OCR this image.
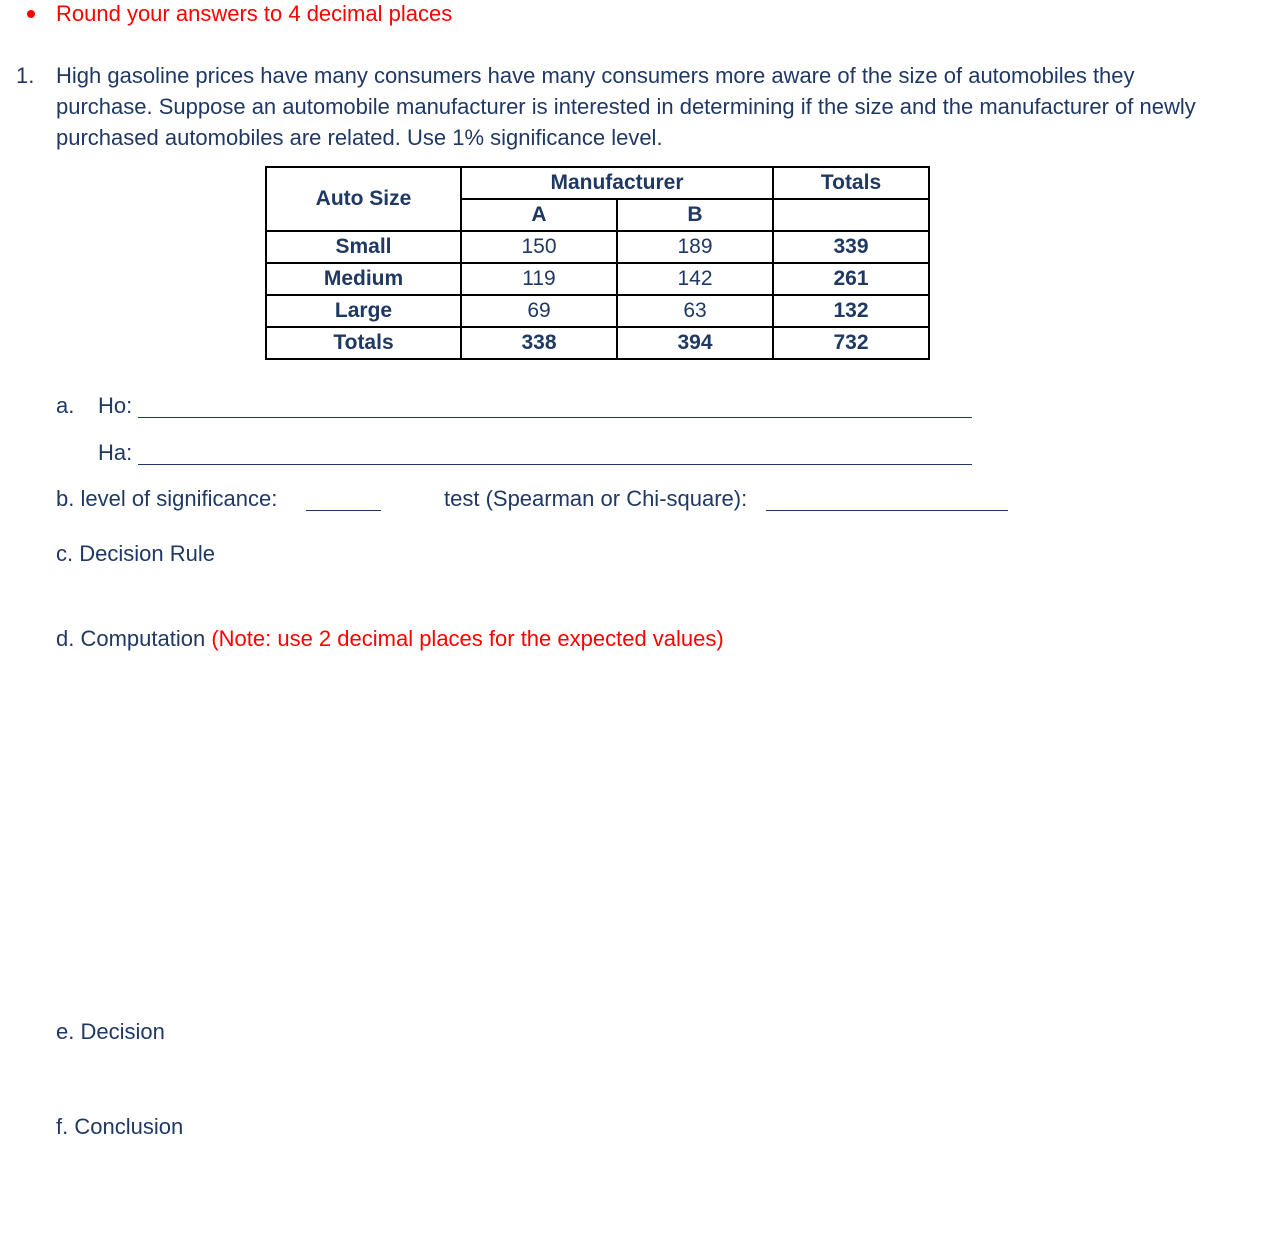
Round your answers to 4 decimal places
1. High gasoline prices have many consumers have many consumers more aware of the size of automobiles they purchase. Suppose an automobile manufacturer is interested in determining if the size and the manufacturer of newly purchased automobiles are related. Use 1% significance level.
Auto Size	Manufacturer		Totals
	A	B	
Small	150	189	339
Medium	119	142	261
Large	69	63	132
Totals	338	394	732
a. Ho:
Ha:
b. level of significance:	test (Spearman or Chi-square):
c. Decision Rule
d. Computation (Note: use 2 decimal places for the expected values)
e. Decision
f. Conclusion
